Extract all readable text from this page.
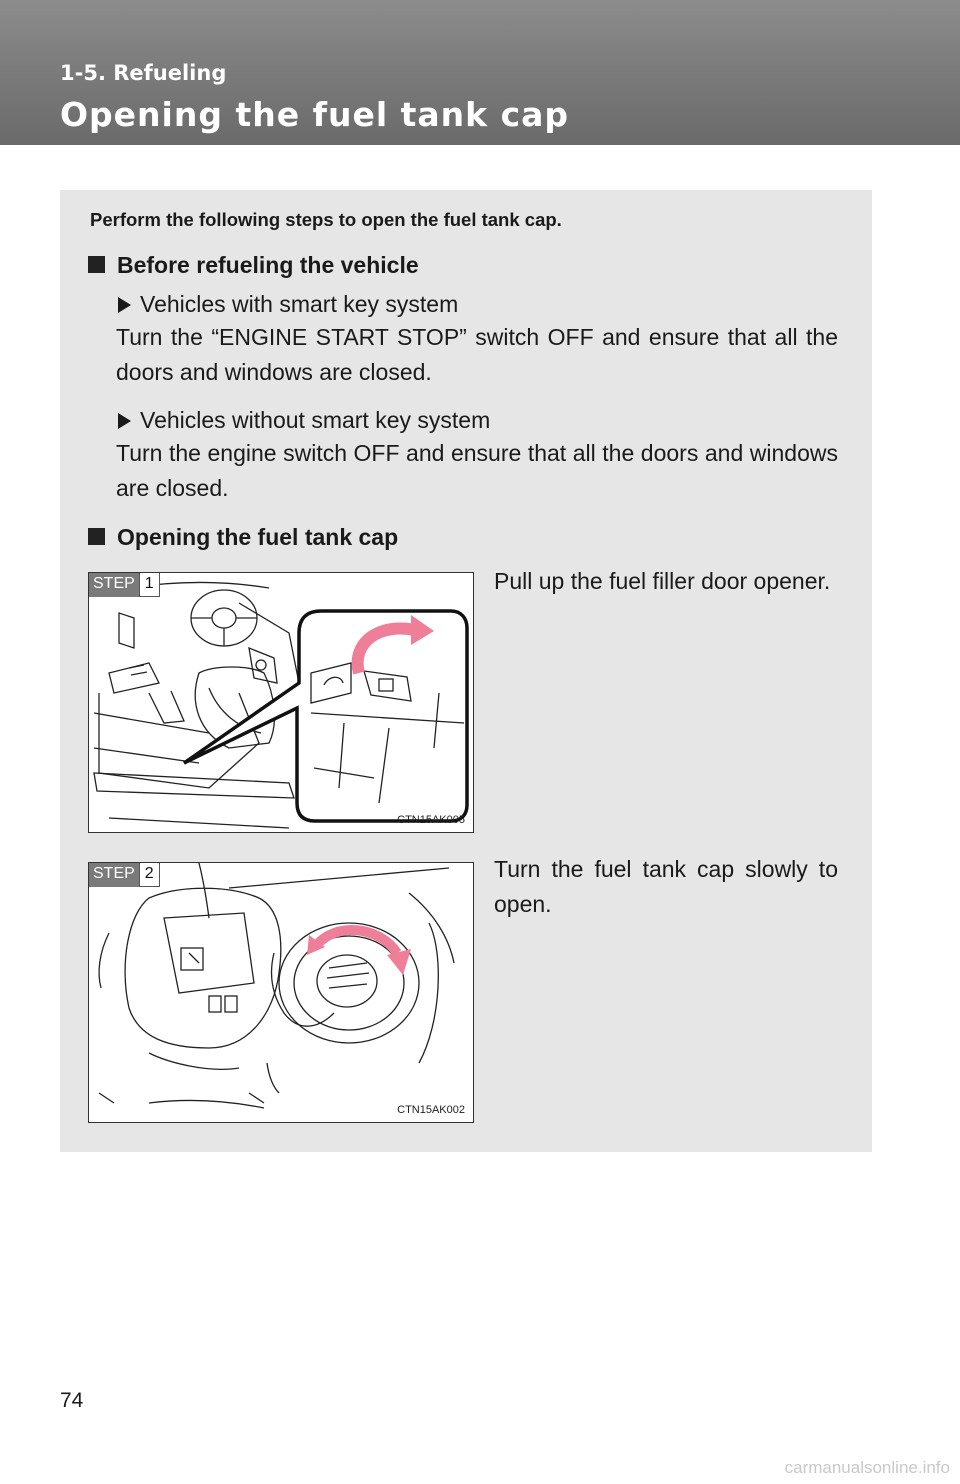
1-5. Refueling
Opening the fuel tank cap
Perform the following steps to open the fuel tank cap.
Before refueling the vehicle
Vehicles with smart key system
Turn the “ENGINE START STOP” switch OFF and ensure that all the doors and windows are closed.
Vehicles without smart key system
Turn the engine switch OFF and ensure that all the doors and windows are closed.
Opening the fuel tank cap
STEP 1
CTN15AK005
Pull up the fuel filler door opener.
STEP 2
CTN15AK002
Turn the fuel tank cap slowly to open.
74
carmanualsonline.info
